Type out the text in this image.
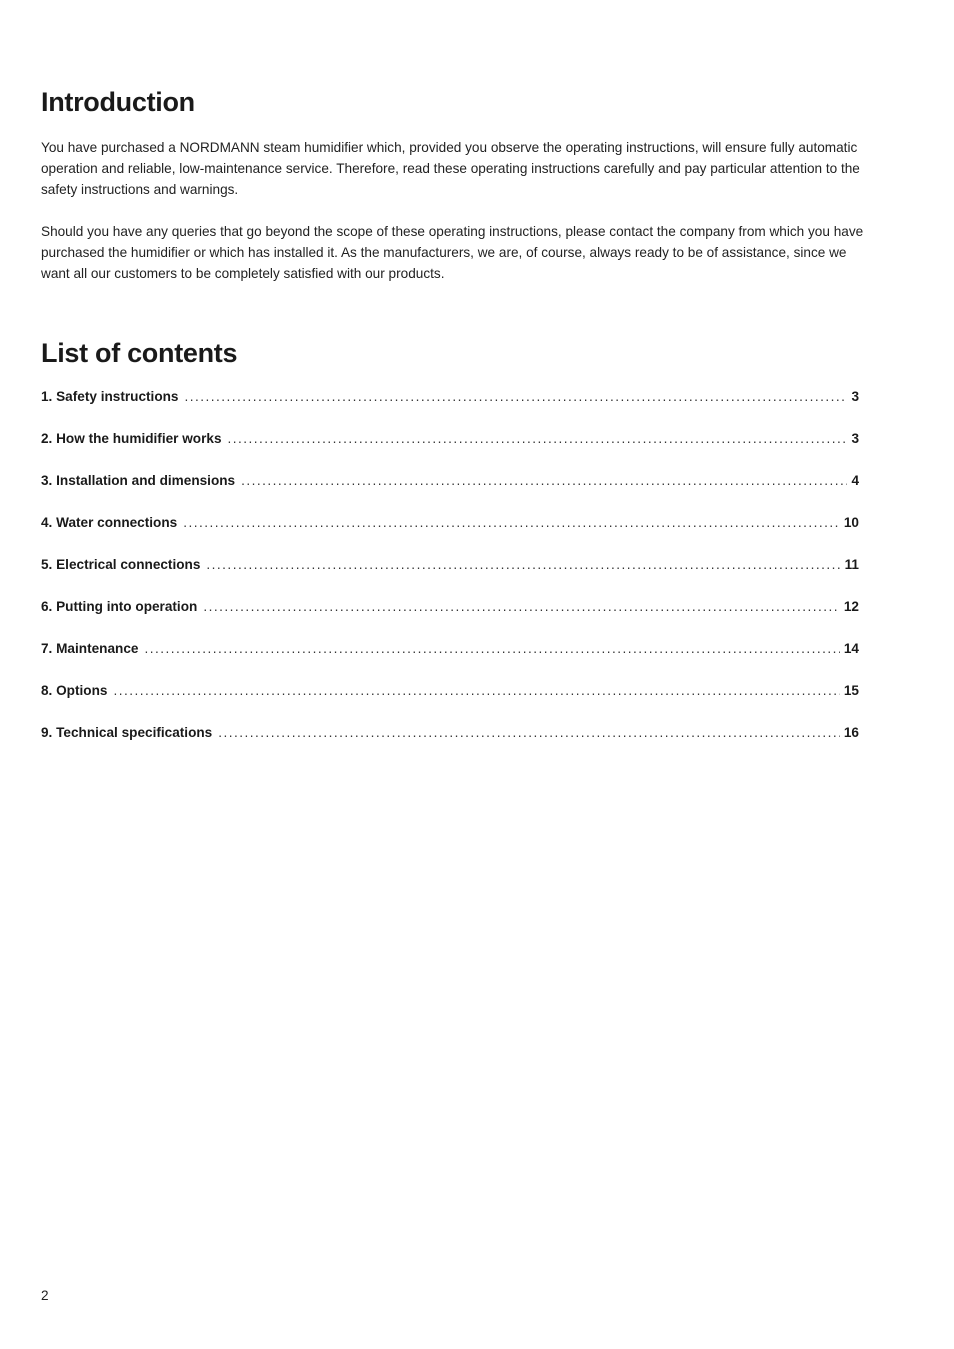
Introduction

You have purchased a NORDMANN steam humidifier which, provided you observe the operating instructions, will ensure fully automatic operation and reliable, low-maintenance service. Therefore, read these operating instructions carefully and pay particular attention to the safety instructions and warnings.

Should you have any queries that go beyond the scope of these operating instructions, please contact the company from which you have purchased the humidifier or which has installed it. As the manufacturers, we are, of course, always ready to be of assistance, since we want all our customers to be completely satisfied with our products.

List of contents
1. Safety instructions . . .	3
2. How the humidifier works . . .	3
3. Installation and dimensions . . .	4
4. Water connections . . .	10
5. Electrical connections . . .	11
6. Putting into operation . . .	12
7. Maintenance . . .	14
8. Options . . .	15
9. Technical specifications . . .	16
2
